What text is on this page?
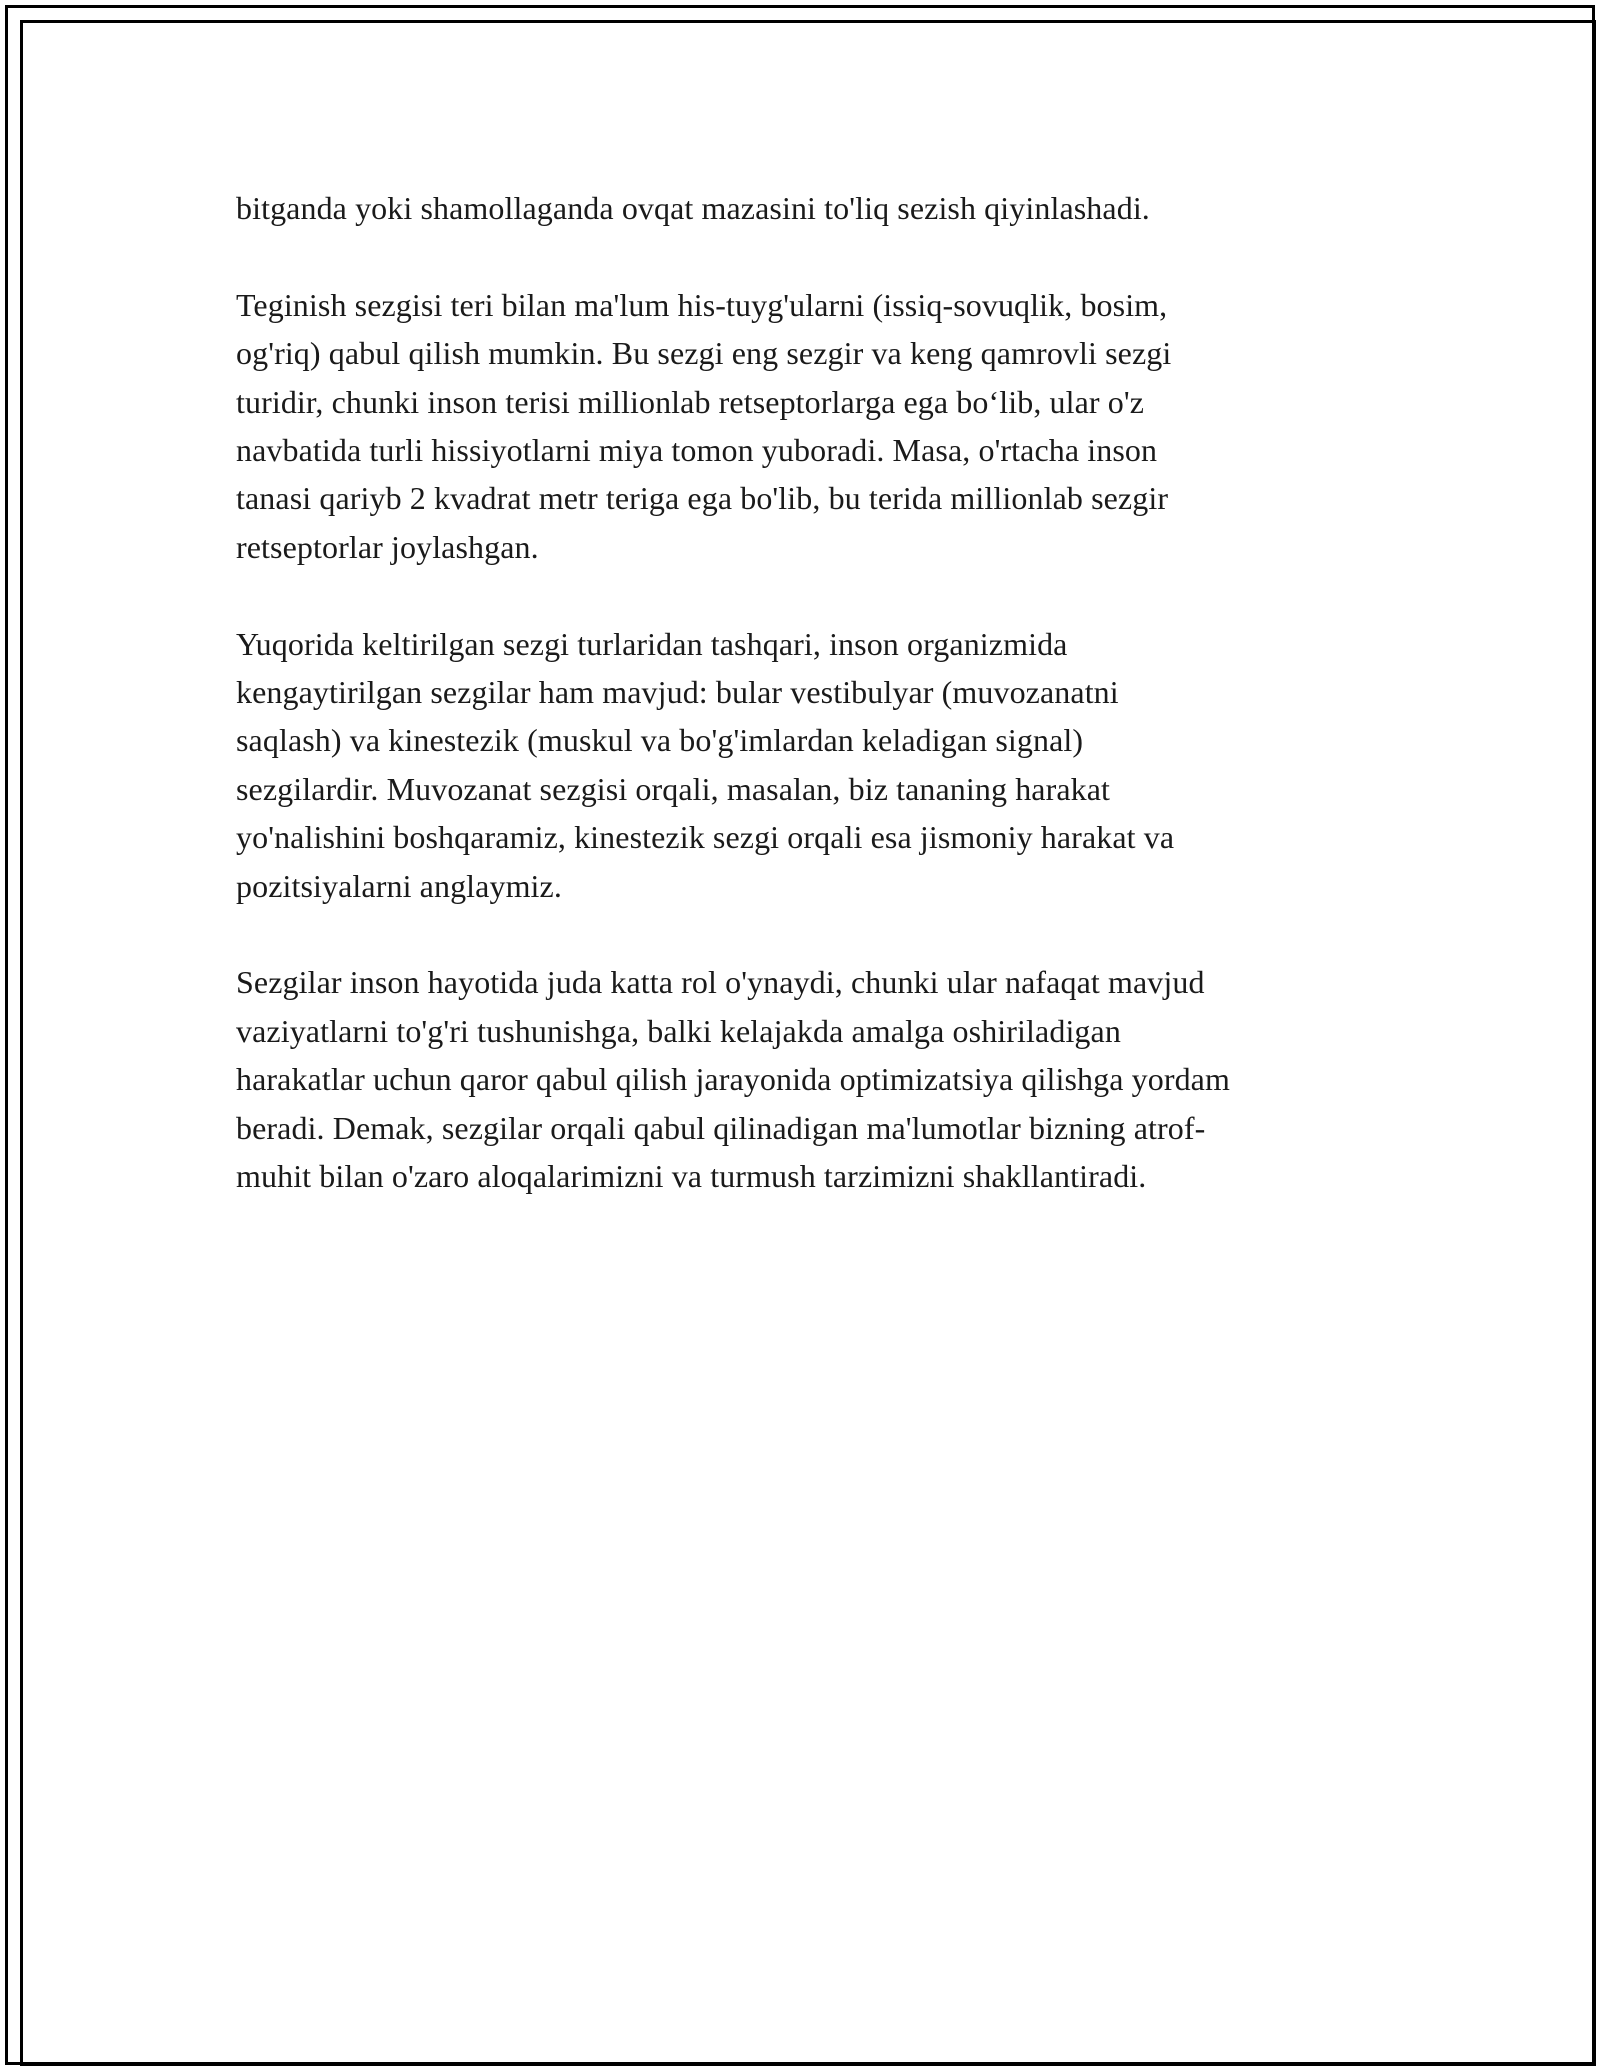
bitganda yoki shamollaganda ovqat mazasini to'liq sezish qiyinlashadi.

Teginish sezgisi teri bilan ma'lum his-tuyg'ularni (issiq-sovuqlik, bosim,
og'riq) qabul qilish mumkin. Bu sezgi eng sezgir va keng qamrovli sezgi
turidir, chunki inson terisi millionlab retseptorlarga ega bo‘lib, ular o'z
navbatida turli hissiyotlarni miya tomon yuboradi. Masa, o'rtacha inson
tanasi qariyb 2 kvadrat metr teriga ega bo'lib, bu terida millionlab sezgir
retseptorlar joylashgan.

Yuqorida keltirilgan sezgi turlaridan tashqari, inson organizmida
kengaytirilgan sezgilar ham mavjud: bular vestibulyar (muvozanatni
saqlash) va kinestezik (muskul va bo'g'imlardan keladigan signal)
sezgilardir. Muvozanat sezgisi orqali, masalan, biz tananing harakat
yo'nalishini boshqaramiz, kinestezik sezgi orqali esa jismoniy harakat va
pozitsiyalarni anglaymiz.

Sezgilar inson hayotida juda katta rol o'ynaydi, chunki ular nafaqat mavjud
vaziyatlarni to'g'ri tushunishga, balki kelajakda amalga oshiriladigan
harakatlar uchun qaror qabul qilish jarayonida optimizatsiya qilishga yordam
beradi. Demak, sezgilar orqali qabul qilinadigan ma'lumotlar bizning atrof-
muhit bilan o'zaro aloqalarimizni va turmush tarzimizni shakllantiradi.
